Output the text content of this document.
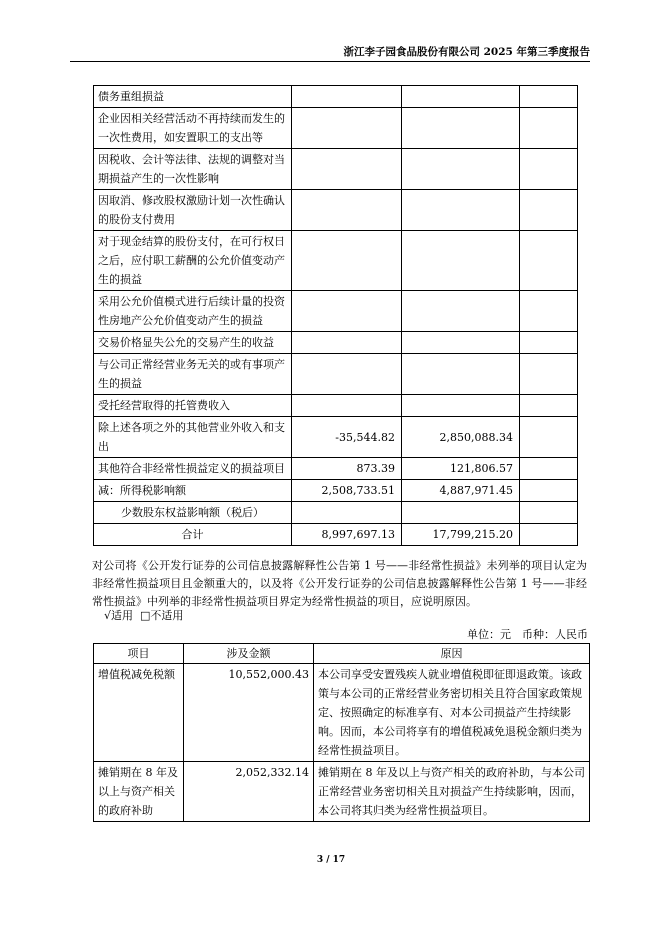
浙江李子园食品股份有限公司 2025 年第三季度报告
债务重组损益			
企业因相关经营活动不再持续而发生的一次性费用，如安置职工的支出等			
因税收、会计等法律、法规的调整对当期损益产生的一次性影响			
因取消、修改股权激励计划一次性确认的股份支付费用			
对于现金结算的股份支付，在可行权日之后，应付职工薪酬的公允价值变动产生的损益			
采用公允价值模式进行后续计量的投资性房地产公允价值变动产生的损益			
交易价格显失公允的交易产生的收益			
与公司正常经营业务无关的或有事项产生的损益			
受托经营取得的托管费收入			
除上述各项之外的其他营业外收入和支出	-35,544.82	2,850,088.34	
其他符合非经常性损益定义的损益项目	873.39	121,806.57	
减：所得税影响额	2,508,733.51	4,887,971.45	
少数股东权益影响额（税后）			
合计	8,997,697.13	17,799,215.20	
对公司将《公开发行证券的公司信息披露解释性公告第 1 号——非经常性损益》未列举的项目认定为非经常性损益项目且金额重大的，以及将《公开发行证券的公司信息披露解释性公告第 1 号——非经常性损益》中列举的非经常性损益项目界定为经常性损益的项目，应说明原因。
√适用 □不适用
单位：元　币种：人民币
项目	涉及金额	原因
增值税减免税额	10,552,000.43	本公司享受安置残疾人就业增值税即征即退政策。该政策与本公司的正常经营业务密切相关且符合国家政策规定、按照确定的标准享有、对本公司损益产生持续影响。因而，本公司将享有的增值税减免退税金额归类为经常性损益项目。
摊销期在 8 年及以上与资产相关的政府补助	2,052,332.14	摊销期在 8 年及以上与资产相关的政府补助，与本公司正常经营业务密切相关且对损益产生持续影响，因而，本公司将其归类为经常性损益项目。
3 / 17
